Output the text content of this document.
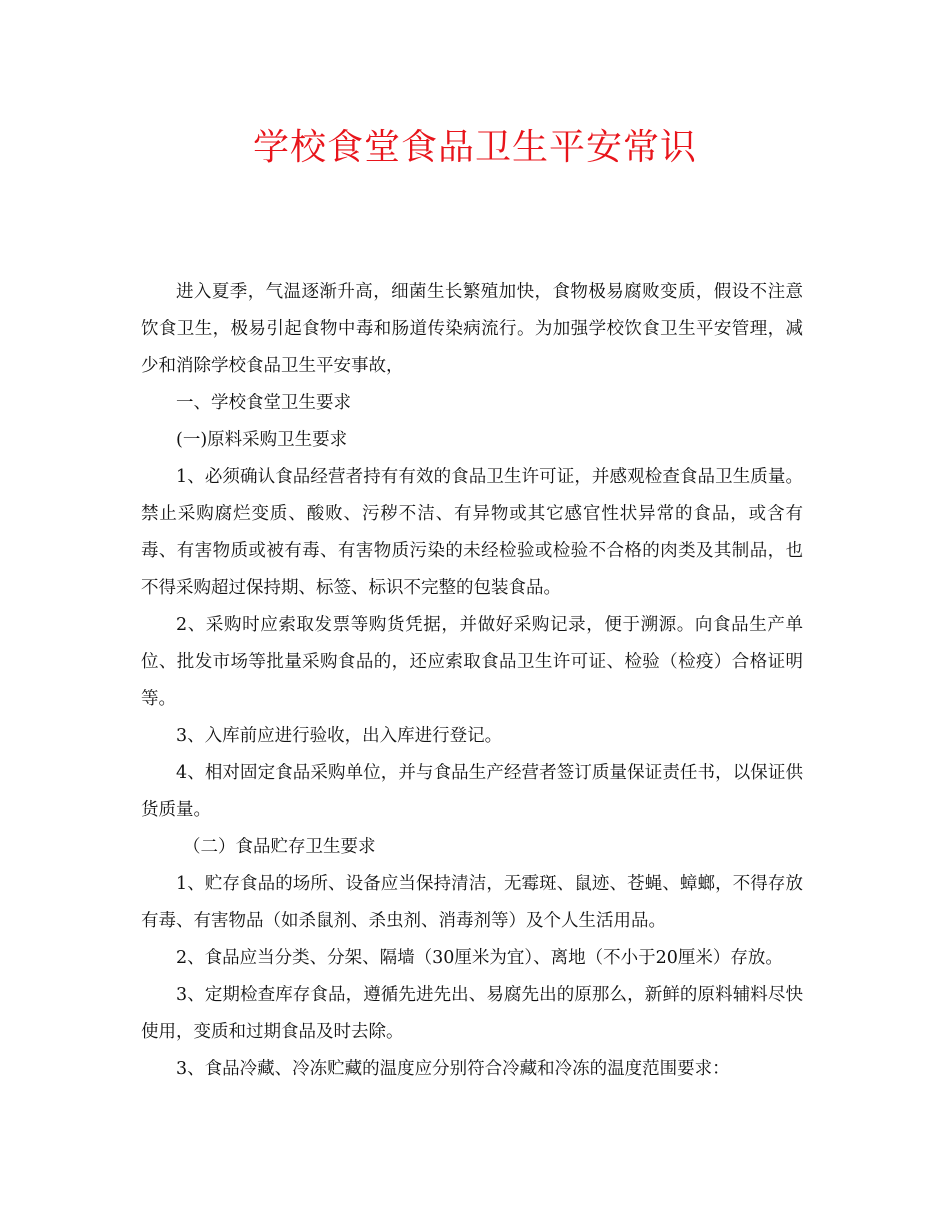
学校食堂食品卫生平安常识

进入夏季，气温逐渐升高，细菌生长繁殖加快，食物极易腐败变质，假设不注意饮食卫生，极易引起食物中毒和肠道传染病流行。为加强学校饮食卫生平安管理，减少和消除学校食品卫生平安事故，

一、学校食堂卫生要求

(一)原料采购卫生要求

1、必须确认食品经营者持有有效的食品卫生许可证，并感观检查食品卫生质量。禁止采购腐烂变质、酸败、污秽不洁、有异物或其它感官性状异常的食品，或含有毒、有害物质或被有毒、有害物质污染的未经检验或检验不合格的肉类及其制品，也不得采购超过保持期、标签、标识不完整的包装食品。

2、采购时应索取发票等购货凭据，并做好采购记录，便于溯源。向食品生产单位、批发市场等批量采购食品的，还应索取食品卫生许可证、检验（检疫）合格证明等。

3、入库前应进行验收，出入库进行登记。

4、相对固定食品采购单位，并与食品生产经营者签订质量保证责任书，以保证供货质量。

（二）食品贮存卫生要求

1、贮存食品的场所、设备应当保持清洁，无霉斑、鼠迹、苍蝇、蟑螂，不得存放有毒、有害物品（如杀鼠剂、杀虫剂、消毒剂等）及个人生活用品。

2、食品应当分类、分架、隔墙（30厘米为宜）、离地（不小于20厘米）存放。

3、定期检查库存食品，遵循先进先出、易腐先出的原那么，新鲜的原料辅料尽快使用，变质和过期食品及时去除。

3、食品冷藏、冷冻贮藏的温度应分别符合冷藏和冷冻的温度范围要求：
